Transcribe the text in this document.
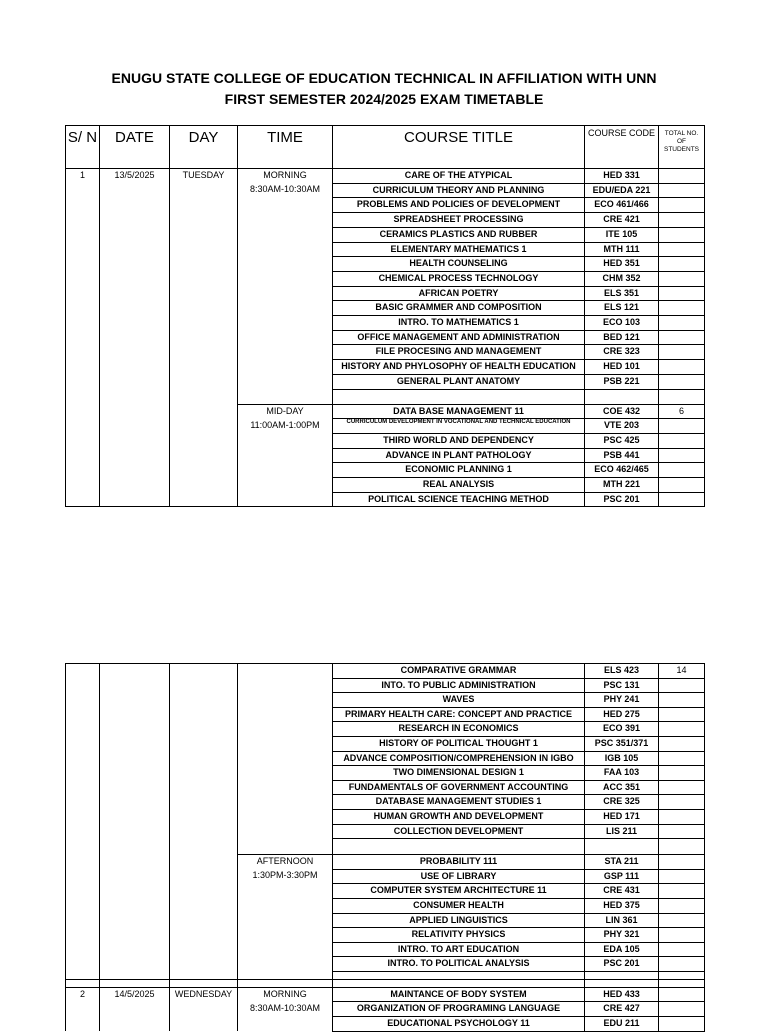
ENUGU STATE COLLEGE OF EDUCATION TECHNICAL IN AFFILIATION WITH UNN
FIRST SEMESTER 2024/2025 EXAM TIMETABLE
S/ N	DATE	DAY	TIME	COURSE TITLE	COURSE CODE	TOTAL NO. OF STUDENTS
1	13/5/2025	TUESDAY	MORNING	CARE OF THE ATYPICAL	HED 331	
			8:30AM-10:30AM	CURRICULUM THEORY AND PLANNING	EDU/EDA 221	
				PROBLEMS AND POLICIES OF DEVELOPMENT	ECO 461/466	
				SPREADSHEET PROCESSING	CRE 421	
				CERAMICS PLASTICS AND RUBBER	ITE 105	
				ELEMENTARY MATHEMATICS 1	MTH 111	
				HEALTH COUNSELING	HED 351	
				CHEMICAL PROCESS TECHNOLOGY	CHM 352	
				AFRICAN POETRY	ELS 351	
				BASIC GRAMMER AND COMPOSITION	ELS 121	
				INTRO. TO MATHEMATICS 1	ECO 103	
				OFFICE MANAGEMENT AND ADMINISTRATION	BED 121	
				FILE PROCESING AND MANAGEMENT	CRE 323	
				HISTORY AND PHYLOSOPHY OF HEALTH EDUCATION	HED 101	
				GENERAL PLANT ANATOMY	PSB 221	

			MID-DAY	DATA BASE MANAGEMENT 11	COE 432	6
			11:00AM-1:00PM	CURRICULUM DEVELOPMENT IN VOCATIONAL AND TECHNICAL EDUCATION	VTE 203	
				THIRD WORLD AND DEPENDENCY	PSC 425	
				ADVANCE IN PLANT PATHOLOGY	PSB 441	
				ECONOMIC PLANNING 1	ECO 462/465	
				REAL ANALYSIS	MTH 221	
				POLITICAL SCIENCE TEACHING METHOD	PSC 201	
				COMPARATIVE GRAMMAR	ELS 423	14
				INTO. TO PUBLIC ADMINISTRATION	PSC 131	
				WAVES	PHY 241	
				PRIMARY HEALTH CARE: CONCEPT AND PRACTICE	HED 275	
				RESEARCH IN ECONOMICS	ECO 391	
				HISTORY OF POLITICAL THOUGHT 1	PSC 351/371	
				ADVANCE COMPOSITION/COMPREHENSION IN IGBO	IGB 105	
				TWO DIMENSIONAL DESIGN 1	FAA 103	
				FUNDAMENTALS OF GOVERNMENT ACCOUNTING	ACC 351	
				DATABASE MANAGEMENT STUDIES 1	CRE 325	
				HUMAN GROWTH AND DEVELOPMENT	HED 171	
				COLLECTION DEVELOPMENT	LIS 211	

			AFTERNOON	PROBABILITY 111	STA 211	
			1:30PM-3:30PM	USE OF LIBRARY	GSP 111	
				COMPUTER SYSTEM ARCHITECTURE 11	CRE 431	
				CONSUMER HEALTH	HED 375	
				APPLIED LINGUISTICS	LIN 361	
				RELATIVITY PHYSICS	PHY 321	
				INTRO. TO ART EDUCATION	EDA 105	
				INTRO. TO POLITICAL ANALYSIS	PSC 201	

2	14/5/2025	WEDNESDAY	MORNING	MAINTANCE OF BODY SYSTEM	HED 433	
			8:30AM-10:30AM	ORGANIZATION OF PROGRAMING LANGUAGE	CRE 427	
				EDUCATIONAL PSYCHOLOGY 11	EDU 211	
